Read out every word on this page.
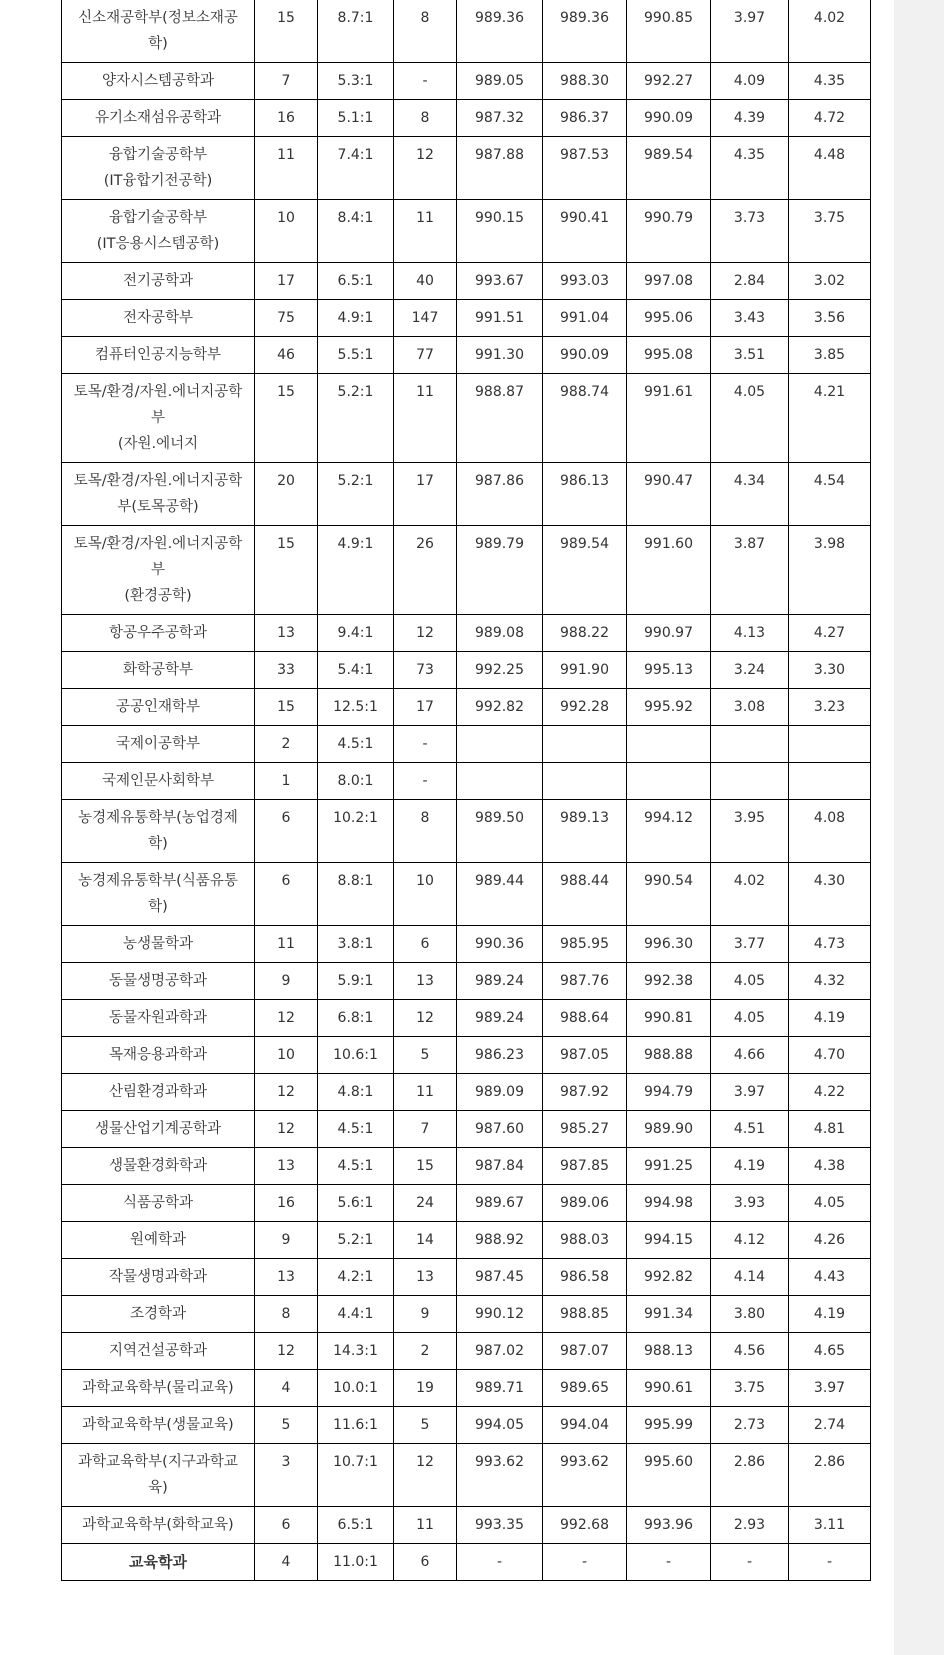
신소재공학부(정보소재공
학)	15	8.7:1	8	989.36	989.36	990.85	3.97	4.02
양자시스템공학과	7	5.3:1	-	989.05	988.30	992.27	4.09	4.35
유기소재섬유공학과	16	5.1:1	8	987.32	986.37	990.09	4.39	4.72
융합기술공학부
(IT융합기전공학)	11	7.4:1	12	987.88	987.53	989.54	4.35	4.48
융합기술공학부
(IT응용시스템공학)	10	8.4:1	11	990.15	990.41	990.79	3.73	3.75
전기공학과	17	6.5:1	40	993.67	993.03	997.08	2.84	3.02
전자공학부	75	4.9:1	147	991.51	991.04	995.06	3.43	3.56
컴퓨터인공지능학부	46	5.5:1	77	991.30	990.09	995.08	3.51	3.85
토목/환경/자원.에너지공학
부
(자원.에너지	15	5.2:1	11	988.87	988.74	991.61	4.05	4.21
토목/환경/자원.에너지공학
부(토목공학)	20	5.2:1	17	987.86	986.13	990.47	4.34	4.54
토목/환경/자원.에너지공학
부
(환경공학)	15	4.9:1	26	989.79	989.54	991.60	3.87	3.98
항공우주공학과	13	9.4:1	12	989.08	988.22	990.97	4.13	4.27
화학공학부	33	5.4:1	73	992.25	991.90	995.13	3.24	3.30
공공인재학부	15	12.5:1	17	992.82	992.28	995.92	3.08	3.23
국제이공학부	2	4.5:1	-					
국제인문사회학부	1	8.0:1	-					
농경제유통학부(농업경제
학)	6	10.2:1	8	989.50	989.13	994.12	3.95	4.08
농경제유통학부(식품유통
학)	6	8.8:1	10	989.44	988.44	990.54	4.02	4.30
농생물학과	11	3.8:1	6	990.36	985.95	996.30	3.77	4.73
동물생명공학과	9	5.9:1	13	989.24	987.76	992.38	4.05	4.32
동물자원과학과	12	6.8:1	12	989.24	988.64	990.81	4.05	4.19
목재응용과학과	10	10.6:1	5	986.23	987.05	988.88	4.66	4.70
산림환경과학과	12	4.8:1	11	989.09	987.92	994.79	3.97	4.22
생물산업기계공학과	12	4.5:1	7	987.60	985.27	989.90	4.51	4.81
생물환경화학과	13	4.5:1	15	987.84	987.85	991.25	4.19	4.38
식품공학과	16	5.6:1	24	989.67	989.06	994.98	3.93	4.05
원예학과	9	5.2:1	14	988.92	988.03	994.15	4.12	4.26
작물생명과학과	13	4.2:1	13	987.45	986.58	992.82	4.14	4.43
조경학과	8	4.4:1	9	990.12	988.85	991.34	3.80	4.19
지역건설공학과	12	14.3:1	2	987.02	987.07	988.13	4.56	4.65
과학교육학부(물리교육)	4	10.0:1	19	989.71	989.65	990.61	3.75	3.97
과학교육학부(생물교육)	5	11.6:1	5	994.05	994.04	995.99	2.73	2.74
과학교육학부(지구과학교
육)	3	10.7:1	12	993.62	993.62	995.60	2.86	2.86
과학교육학부(화학교육)	6	6.5:1	11	993.35	992.68	993.96	2.93	3.11
교육학과	4	11.0:1	6	-	-	-	-	-
